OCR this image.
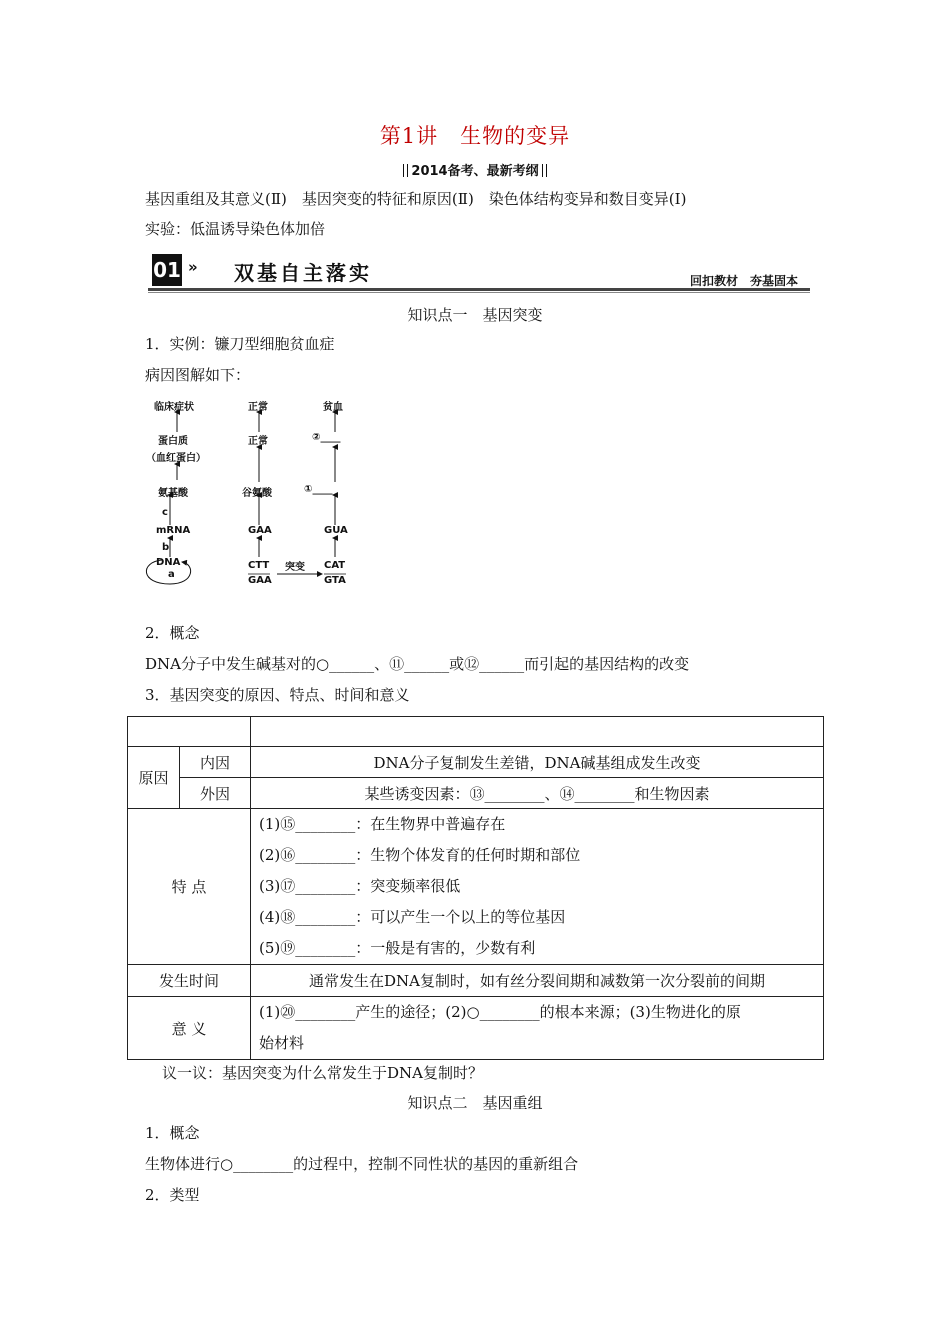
第1讲　生物的变异
2014备考、最新考纲
基因重组及其意义(Ⅱ)　基因突变的特征和原因(Ⅱ)　染色体结构变异和数目变异(Ⅰ)
实验：低温诱导染色体加倍
01 » 双基自主落实	回扣教材　夯基固本
知识点一　基因突变
1．实例：镰刀型细胞贫血症
病因图解如下：
临床症状
蛋白质
（血红蛋白）
氨基酸
c
mRNA
b
DNA
a
正常
正常
谷氨酸
GAA
CTT
GAA
贫血
②____
①____
GUA
CAT
GTA
突变
2．概念
DNA分子中发生碱基对的○______、⑪______或⑫______而引起的基因结构的改变
3．基因突变的原因、特点、时间和意义

原因	内因	DNA分子复制发生差错，DNA碱基组成发生改变
	外因	某些诱变因素：⑬________、⑭________和生物因素
特 点		(1)⑮________：在生物界中普遍存在
(2)⑯________：生物个体发育的任何时期和部位
(3)⑰________：突变频率很低
(4)⑱________：可以产生一个以上的等位基因
(5)⑲________：一般是有害的，少数有利

发生时间		通常发生在DNA复制时，如有丝分裂间期和减数第一次分裂前的间期
意 义		(1)⑳________产生的途径；(2)○________的根本来源；(3)生物进化的原
始材料
议一议：基因突变为什么常发生于DNA复制时？
知识点二　基因重组
1．概念
生物体进行○________的过程中，控制不同性状的基因的重新组合
2．类型
